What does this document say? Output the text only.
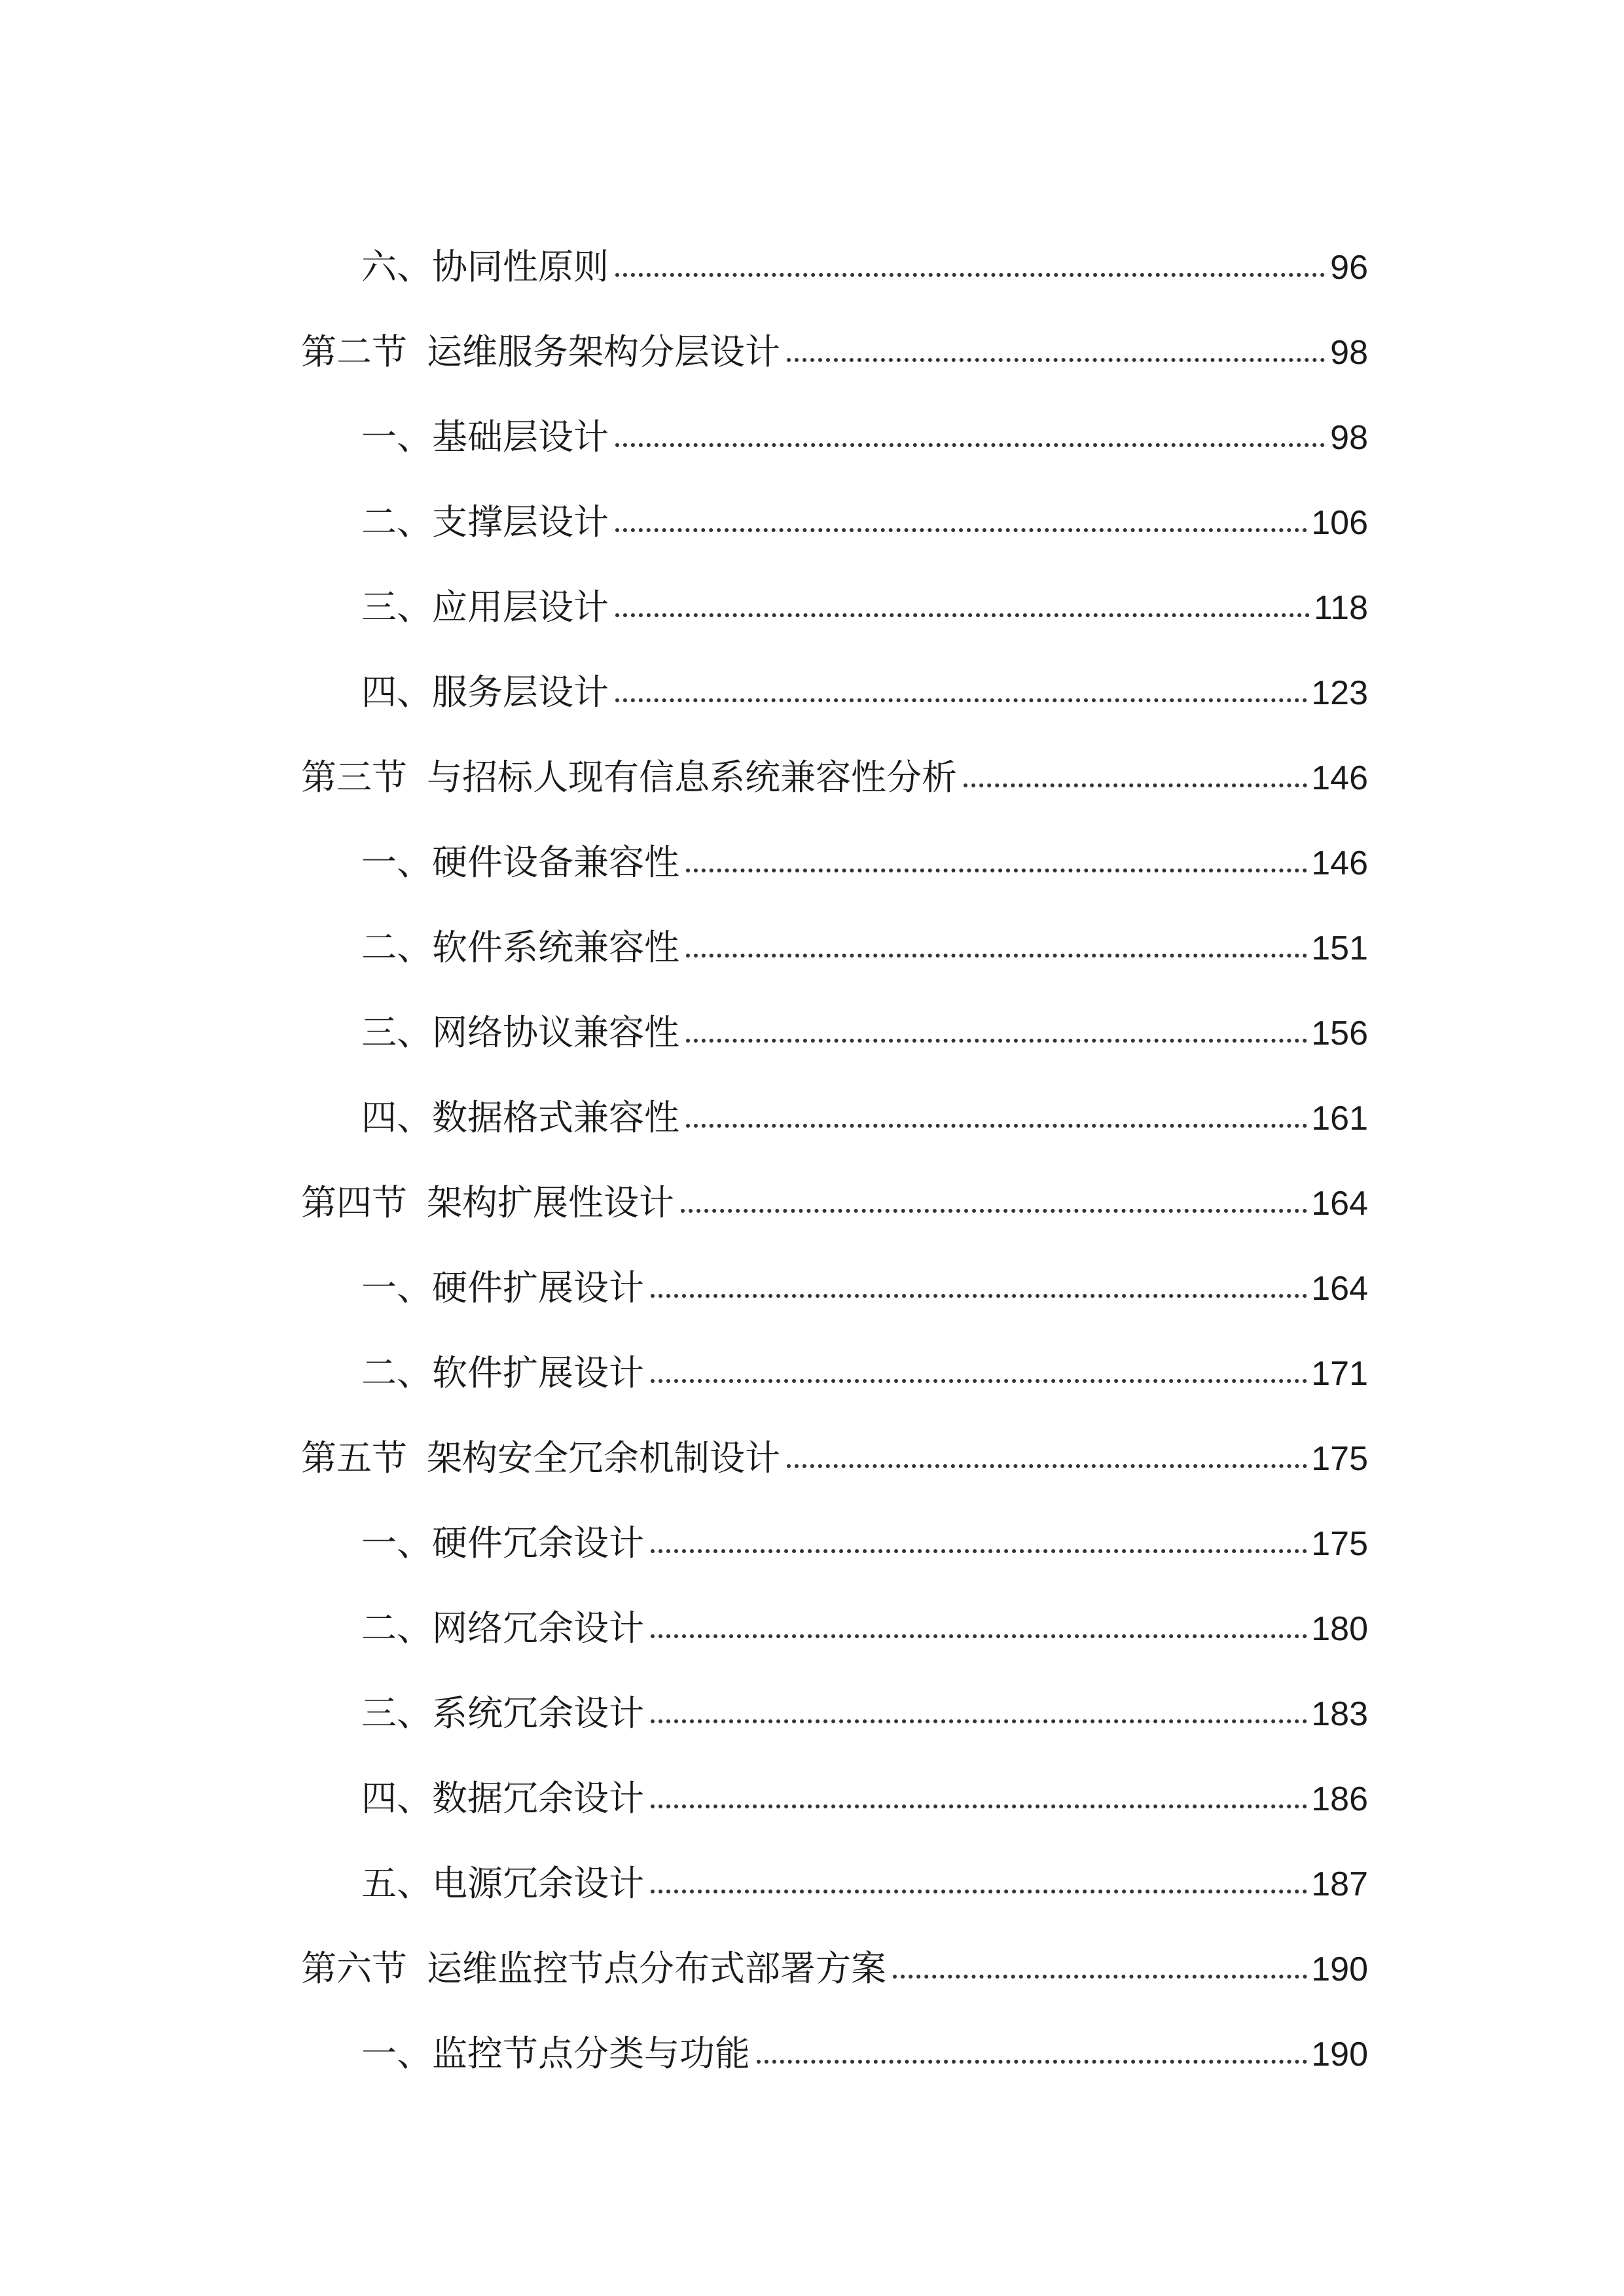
六、协同性原则	96
第二节 运维服务架构分层设计	98
一、基础层设计	98
二、支撑层设计	106
三、应用层设计	118
四、服务层设计	123
第三节 与招标人现有信息系统兼容性分析	146
一、硬件设备兼容性	146
二、软件系统兼容性	151
三、网络协议兼容性	156
四、数据格式兼容性	161
第四节 架构扩展性设计	164
一、硬件扩展设计	164
二、软件扩展设计	171
第五节 架构安全冗余机制设计	175
一、硬件冗余设计	175
二、网络冗余设计	180
三、系统冗余设计	183
四、数据冗余设计	186
五、电源冗余设计	187
第六节 运维监控节点分布式部署方案	190
一、监控节点分类与功能	190
